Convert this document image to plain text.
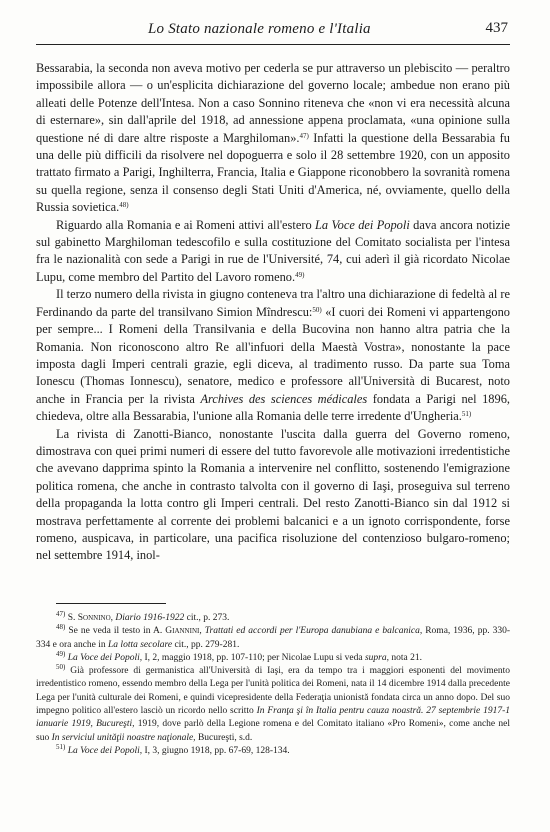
Lo Stato nazionale romeno e l'Italia	437

Bessarabia, la seconda non aveva motivo per cederla se pur attraverso un plebiscito — peraltro impossibile allora — o un'esplicita dichiarazione del governo locale; ambedue non erano più alleati delle Potenze dell'Intesa. Non a caso Sonnino riteneva che «non vi era necessità alcuna di esternare», sin dall'aprile del 1918, ad annessione appena proclamata, «una opinione sulla questione né di dare altre risposte a Marghiloman».$^{47)}$ Infatti la questione della Bessarabia fu una delle più difficili da risolvere nel dopoguerra e solo il 28 settembre 1920, con un apposito trattato firmato a Parigi, Inghilterra, Francia, Italia e Giappone riconobbero la sovranità romena su quella regione, senza il consenso degli Stati Uniti d'America, né, ovviamente, quello della Russia sovietica.$^{48)}$

Riguardo alla Romania e ai Romeni attivi all'estero La Voce dei Popoli dava ancora notizie sul gabinetto Marghiloman tedescofilo e sulla costituzione del Comitato socialista per l'intesa fra le nazionalità con sede a Parigi in rue de l'Université, 74, cui aderì il già ricordato Nicolae Lupu, come membro del Partito del Lavoro romeno.$^{49)}$

Il terzo numero della rivista in giugno conteneva tra l'altro una dichiarazione di fedeltà al re Ferdinando da parte del transilvano Simion Mîndrescu:$^{50)}$ «I cuori dei Romeni vi appartengono per sempre... I Romeni della Transilvania e della Bucovina non hanno altra patria che la Romania. Non riconoscono altro Re all'infuori della Maestà Vostra», nonostante la pace imposta dagli Imperi centrali grazie, egli diceva, al tradimento russo. Da parte sua Toma Ionescu (Thomas Ionnescu), senatore, medico e professore all'Università di Bucarest, noto anche in Francia per la rivista Archives des sciences médicales fondata a Parigi nel 1896, chiedeva, oltre alla Bessarabia, l'unione alla Romania delle terre irredente d'Ungheria.$^{51)}$

La rivista di Zanotti-Bianco, nonostante l'uscita dalla guerra del Governo romeno, dimostrava con quei primi numeri di essere del tutto favorevole alle motivazioni irredentistiche che avevano dapprima spinto la Romania a intervenire nel conflitto, sostenendo l'emigrazione politica romena, che anche in contrasto talvolta con il governo di Iaşi, proseguiva sul terreno della propaganda la lotta contro gli Imperi centrali. Del resto Zanotti-Bianco sin dal 1912 si mostrava perfettamente al corrente dei problemi balcanici e a un ignoto corrispondente, forse romeno, auspicava, in particolare, una pacifica risoluzione del contenzioso bulgaro-romeno; nel settembre 1914, inol-

$^{47)}$ S. Sonnino, Diario 1916-1922 cit., p. 273.

$^{48)}$ Se ne veda il testo in A. Giannini, Trattati ed accordi per l'Europa danubiana e balcanica, Roma, 1936, pp. 330-334 e ora anche in La lotta secolare cit., pp. 279-281.

$^{49)}$ La Voce dei Popoli, I, 2, maggio 1918, pp. 107-110; per Nicolae Lupu si veda supra, nota 21.

$^{50)}$ Già professore di germanistica all'Università di Iaşi, era da tempo tra i maggiori esponenti del movimento irredentistico romeno, essendo membro della Lega per l'unità politica dei Romeni, nata il 14 dicembre 1914 dalla precedente Lega per l'unità culturale dei Romeni, e quindi vicepresidente della Federaţia unionistă fondata circa un anno dopo. Del suo impegno politico all'estero lasciò un ricordo nello scritto In Franţa şi în Italia pentru cauza noastră. 27 septembrie 1917-1 ianuarie 1919, Bucureşti, 1919, dove parlò della Legione romena e del Comitato italiano «Pro Romeni», come anche nel suo In serviciul unităţii noastre naţionale, Bucureşti, s.d.

$^{51)}$ La Voce dei Popoli, I, 3, giugno 1918, pp. 67-69, 128-134.
